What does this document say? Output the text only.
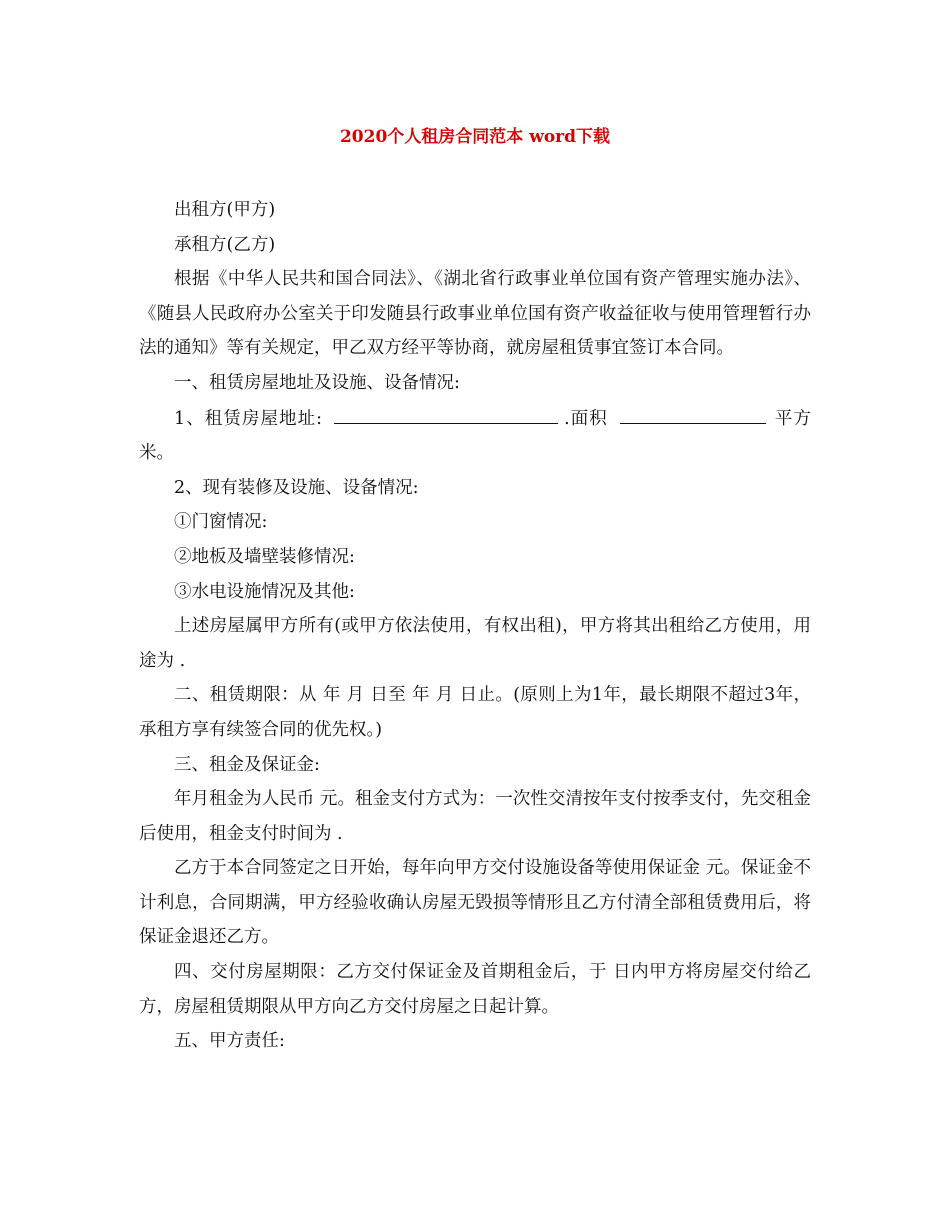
2020个人租房合同范本 word下载

出租方(甲方)

承租方(乙方)

根据《中华人民共和国合同法》、《湖北省行政事业单位国有资产管理实施办法》、《随县人民政府办公室关于印发随县行政事业单位国有资产收益征收与使用管理暂行办法的通知》等有关规定，甲乙双方经平等协商，就房屋租赁事宜签订本合同。

一、租赁房屋地址及设施、设备情况:

1、租赁房屋地址:	.面积	平方米。

2、现有装修及设施、设备情况:

①门窗情况:

②地板及墙壁装修情况:

③水电设施情况及其他:

上述房屋属甲方所有(或甲方依法使用，有权出租)，甲方将其出租给乙方使用，用途为 .

二、租赁期限：从 年 月 日至 年 月 日止。(原则上为1年，最长期限不超过3年，承租方享有续签合同的优先权。)

三、租金及保证金:

年月租金为人民币 元。租金支付方式为：一次性交清按年支付按季支付，先交租金后使用，租金支付时间为 .

乙方于本合同签定之日开始，每年向甲方交付设施设备等使用保证金 元。保证金不计利息，合同期满，甲方经验收确认房屋无毁损等情形且乙方付清全部租赁费用后，将保证金退还乙方。

四、交付房屋期限：乙方交付保证金及首期租金后，于 日内甲方将房屋交付给乙方，房屋租赁期限从甲方向乙方交付房屋之日起计算。

五、甲方责任:
